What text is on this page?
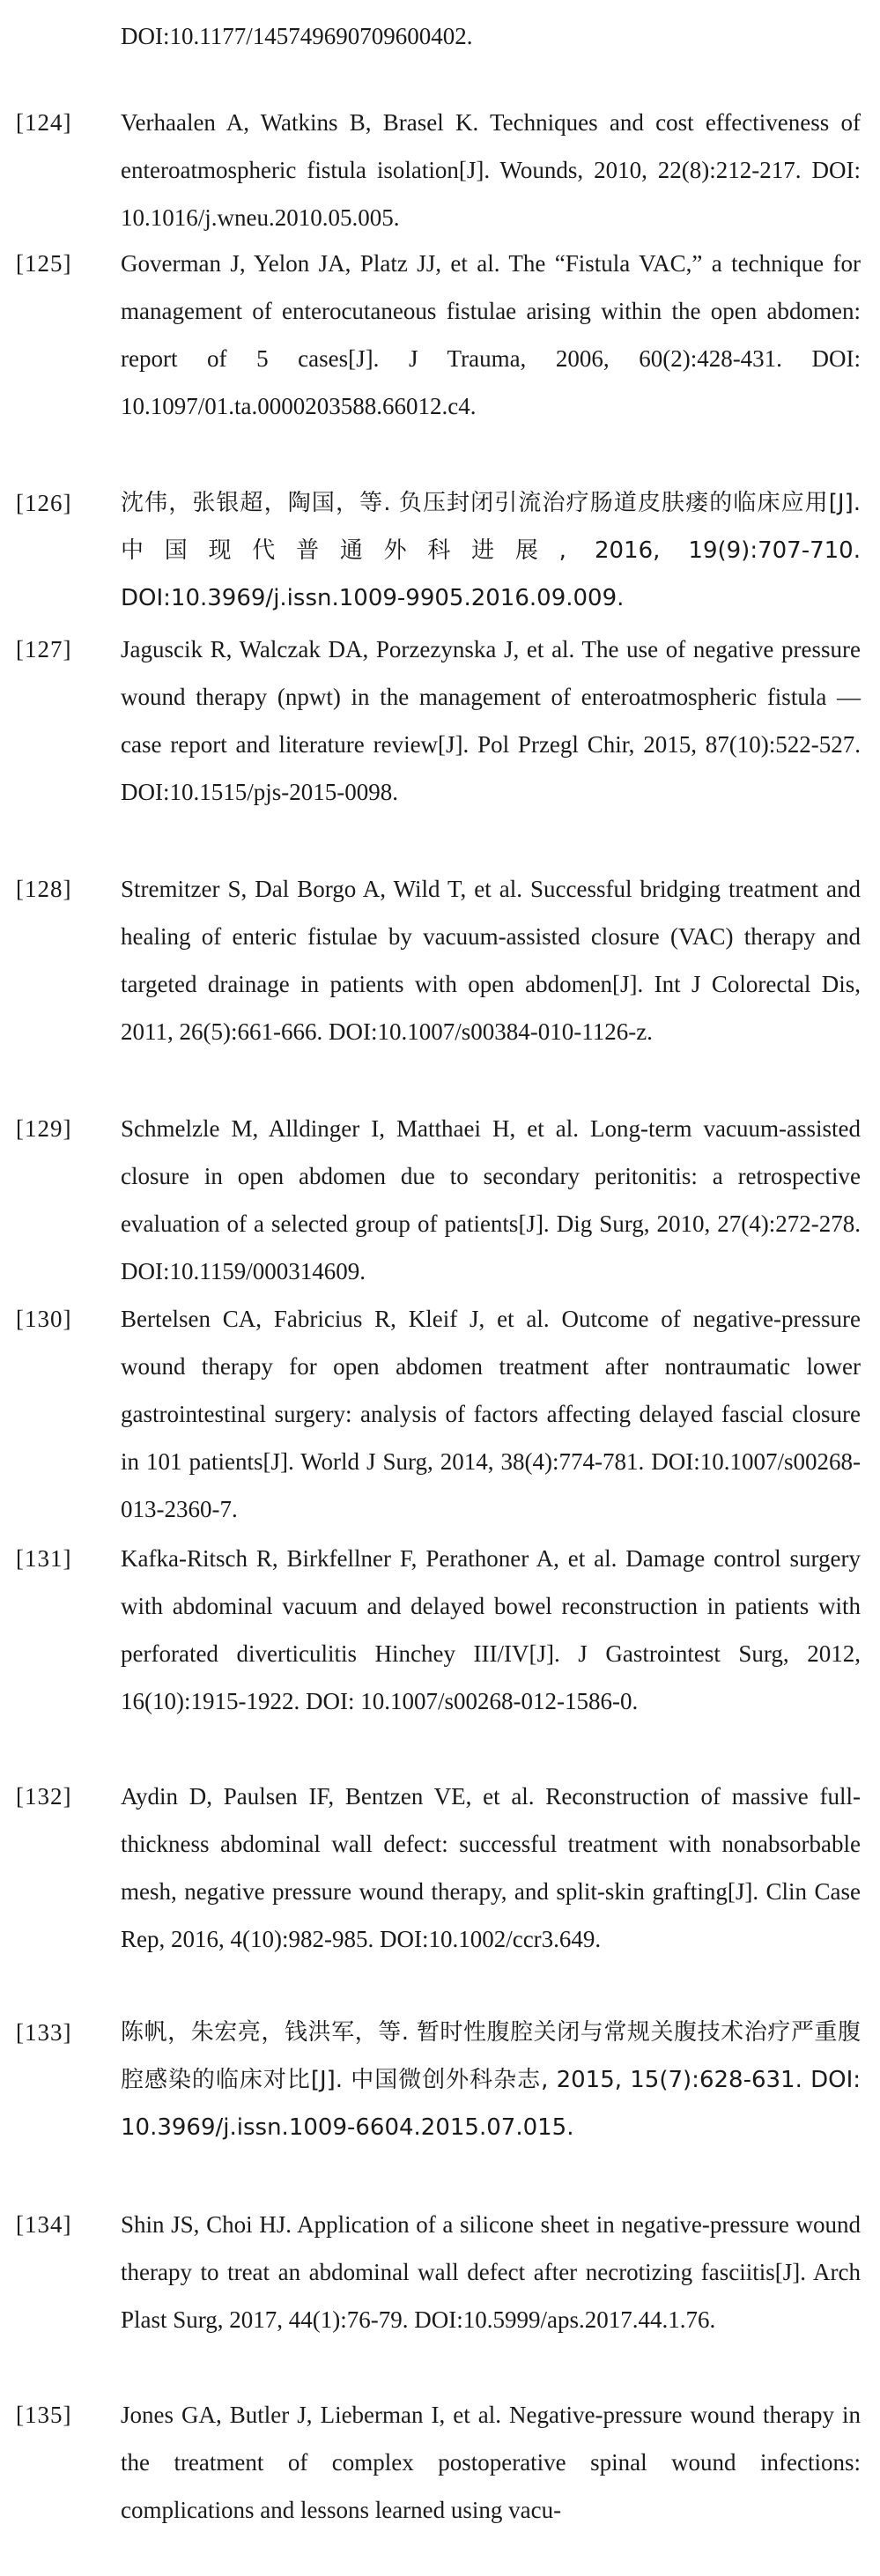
DOI:10.1177/145749690709600402.

[124]	Verhaalen A, Watkins B, Brasel K. Techniques and cost effectiveness of enteroatmospheric fistula isolation[J]. Wounds, 2010, 22(8):212-217. DOI: 10.1016/j.wneu.2010.05.005.

[125]	Goverman J, Yelon JA, Platz JJ, et al. The “Fistula VAC,” a technique for management of enterocutaneous fistulae arising within the open abdomen: report of 5 cases[J]. J Trauma, 2006, 60(2):428-431. DOI: 10.1097/01.ta.0000203588.66012.c4.

[126]	沈伟，张银超，陶国，等. 负压封闭引流治疗肠道皮肤瘘的临床应用[J]. 中国现代普通外科进展, 2016, 19(9):707-710. DOI:10.3969/j.issn.1009-9905.2016.09.009.

[127]	Jaguscik R, Walczak DA, Porzezynska J, et al. The use of negative pressure wound therapy (npwt) in the management of enteroatmospheric fistula — case report and literature review[J]. Pol Przegl Chir, 2015, 87(10):522-527. DOI:10.1515/pjs-2015-0098.

[128]	Stremitzer S, Dal Borgo A, Wild T, et al. Successful bridging treatment and healing of enteric fistulae by vacuum-assisted closure (VAC) therapy and targeted drainage in patients with open abdomen[J]. Int J Colorectal Dis, 2011, 26(5):661-666. DOI:10.1007/s00384-010-1126-z.

[129]	Schmelzle M, Alldinger I, Matthaei H, et al. Long-term vacuum-assisted closure in open abdomen due to secondary peritonitis: a retrospective evaluation of a selected group of patients[J]. Dig Surg, 2010, 27(4):272-278. DOI:10.1159/000314609.

[130]	Bertelsen CA, Fabricius R, Kleif J, et al. Outcome of negative-pressure wound therapy for open abdomen treatment after nontraumatic lower gastrointestinal surgery: analysis of factors affecting delayed fascial closure in 101 patients[J]. World J Surg, 2014, 38(4):774-781. DOI:10.1007/s00268-013-2360-7.

[131]	Kafka-Ritsch R, Birkfellner F, Perathoner A, et al. Damage control surgery with abdominal vacuum and delayed bowel reconstruction in patients with perforated diverticulitis Hinchey III/IV[J]. J Gastrointest Surg, 2012, 16(10):1915-1922. DOI: 10.1007/s00268-012-1586-0.

[132]	Aydin D, Paulsen IF, Bentzen VE, et al. Reconstruction of massive full-thickness abdominal wall defect: successful treatment with nonabsorbable mesh, negative pressure wound therapy, and split-skin grafting[J]. Clin Case Rep, 2016, 4(10):982-985. DOI:10.1002/ccr3.649.

[133]	陈帆，朱宏亮，钱洪军，等. 暂时性腹腔关闭与常规关腹技术治疗严重腹腔感染的临床对比[J]. 中国微创外科杂志, 2015, 15(7):628-631. DOI: 10.3969/j.issn.1009-6604.2015.07.015.

[134]	Shin JS, Choi HJ. Application of a silicone sheet in negative-pressure wound therapy to treat an abdominal wall defect after necrotizing fasciitis[J]. Arch Plast Surg, 2017, 44(1):76-79. DOI:10.5999/aps.2017.44.1.76.

[135]	Jones GA, Butler J, Lieberman I, et al. Negative-pressure wound therapy in the treatment of complex postoperative spinal wound infections: complications and lessons learned using vacu-
